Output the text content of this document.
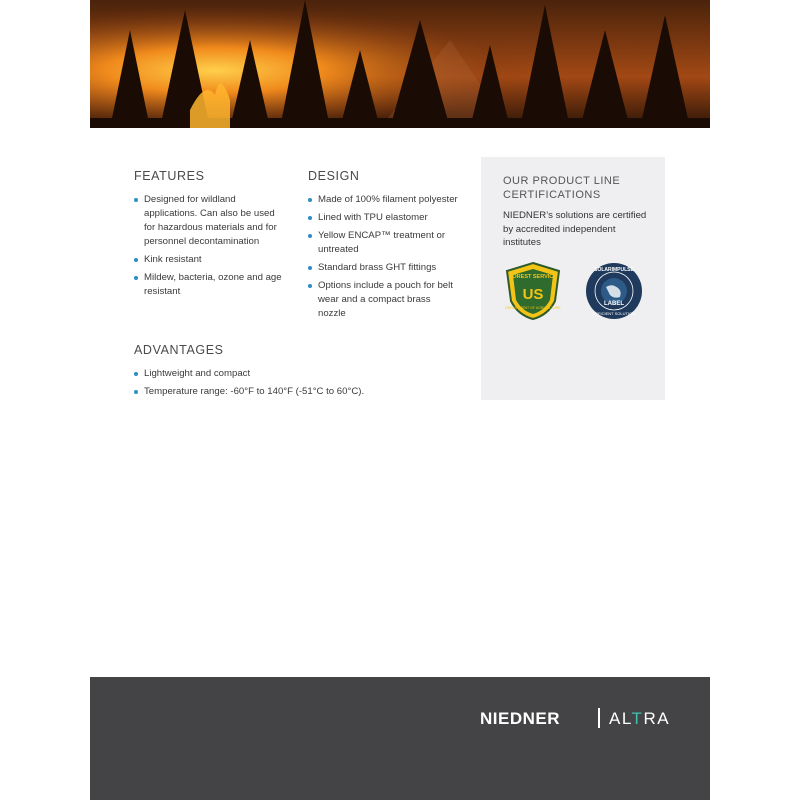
FEATURES
Designed for wildland applications. Can also be used for hazardous materials and for personnel decontamination
Kink resistant
Mildew, bacteria, ozone and age resistant
DESIGN
Made of 100% filament polyester
Lined with TPU elastomer
Yellow ENCAP™ treatment or untreated
Standard brass GHT fittings
Options include a pouch for belt wear and a compact brass nozzle
ADVANTAGES
Lightweight and compact
Temperature range: -60°F to 140°F (-51°C to 60°C).
OUR PRODUCT LINE CERTIFICATIONS
NIEDNER’s solutions are certified by accredited independent institutes
FOREST SERVICE
US
DEPARTMENT OF AGRICULTURE
SOLARIMPULSE
LABEL
EFFICIENT SOLUTION
NIEDNER	ALTRA
